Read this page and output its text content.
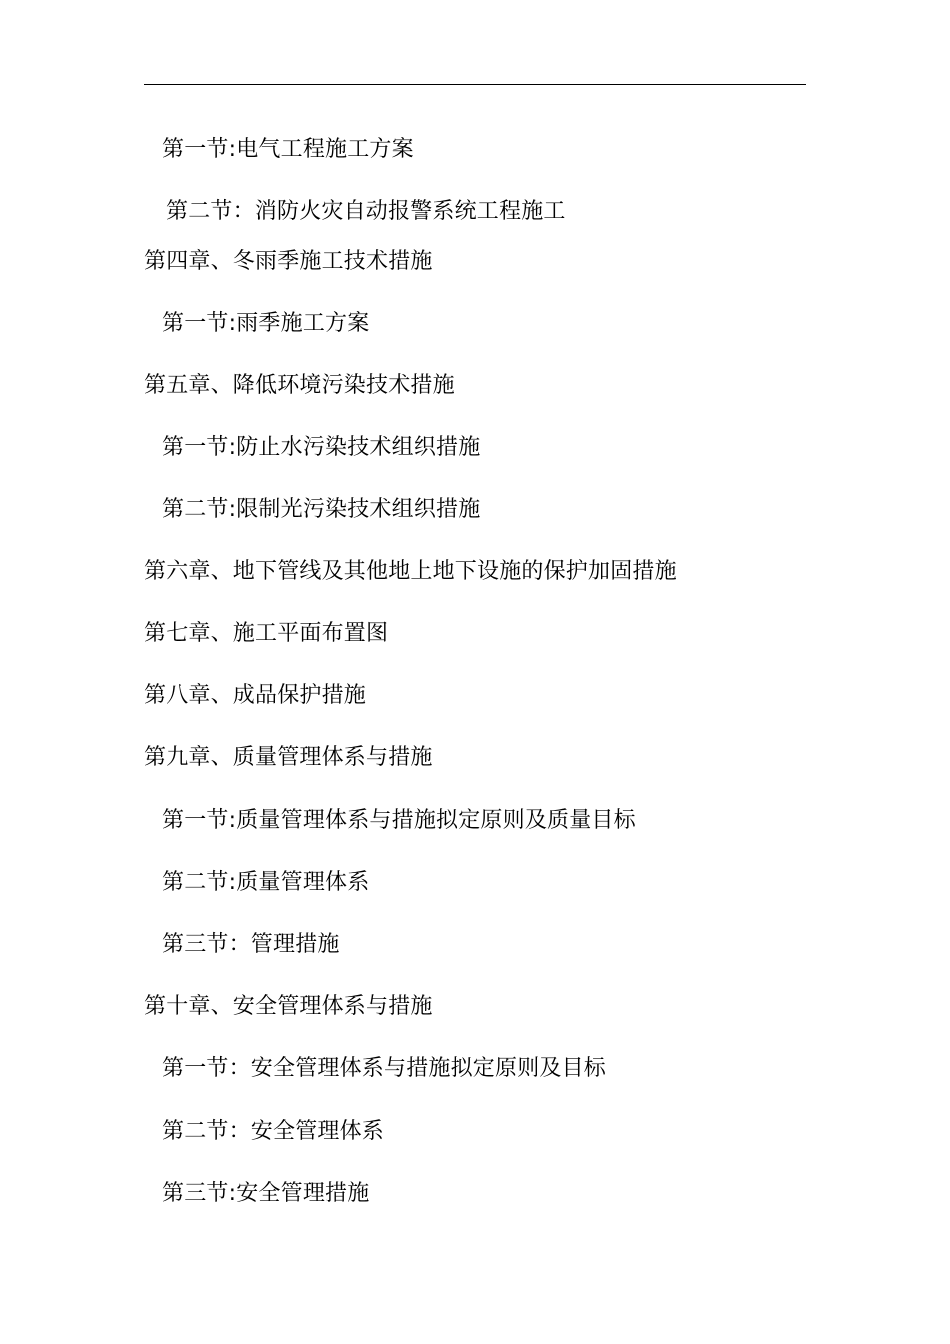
第一节:电气工程施工方案
第二节：消防火灾自动报警系统工程施工
第四章、冬雨季施工技术措施
第一节:雨季施工方案
第五章、降低环境污染技术措施
第一节:防止水污染技术组织措施
第二节:限制光污染技术组织措施
第六章、地下管线及其他地上地下设施的保护加固措施
第七章、施工平面布置图
第八章、成品保护措施
第九章、质量管理体系与措施
第一节:质量管理体系与措施拟定原则及质量目标
第二节:质量管理体系
第三节：管理措施
第十章、安全管理体系与措施
第一节：安全管理体系与措施拟定原则及目标
第二节：安全管理体系
第三节:安全管理措施
